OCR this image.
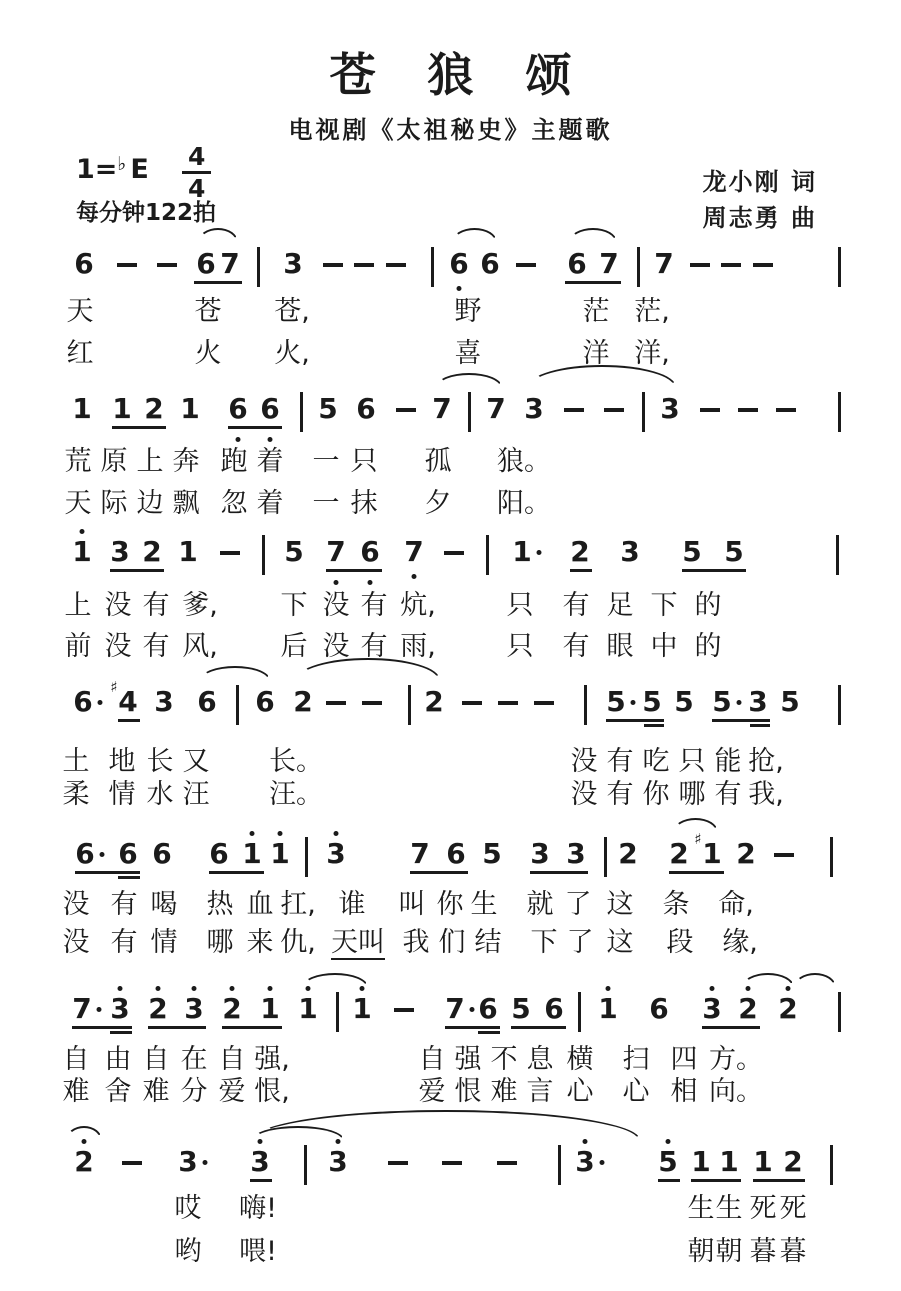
苍狼颂
电视剧《太祖秘史》主题歌
1=♭ E $\frac{4}{4}$
每分钟122拍
龙小刚 词
周志勇 曲
6	6 7 3	6 6 6 7 7
天	苍 苍,	野	茫 茫,
红	火 火,	喜	洋 洋,
1 1 2 1 6 6 5 6 7 7 3	3
荒 原 上 奔 跑 着 一 只 孤 狼。
天 际 边 飘 忽 着 一 抹 夕 阳。
1 3 2 1	5 7 6 7	1 2 3 5 5
上 没 有 爹, 下 没 有 炕,	只 有 足 下 的
前 没 有 风, 后 没 有 雨,	只 有 眼 中 的
6 4
♯ 3 6 6 2	2	5 5 5 5 3 5
土 地 长 又 长。	没 有 吃 只 能 抢,
柔 情 水 汪 汪。	没 有 你 哪 有 我,
6 6 6 6 1 1 3 7 6 5 3 3 2 2 1
♯ 2
没 有 喝 热 血 扛, 谁 叫 你 生 就 了 这 条 命,
没 有 情 哪 来 仇, 天叫 我 们 结 下 了 这 段 缘,
7 3 2 3 2 1 1 1	7 6 5 6 1 6 3 2 2
自 由 自 在 自 强,	自 强 不 息 横 扫 四 方。
难 舍 难 分 爱 恨,	爱 恨 难 言 心 心 相 向。
2	3 3 3	3 5 1 1 1 2
哎 嗨!	生 生 死 死
哟 喂!	朝 朝 暮 暮
